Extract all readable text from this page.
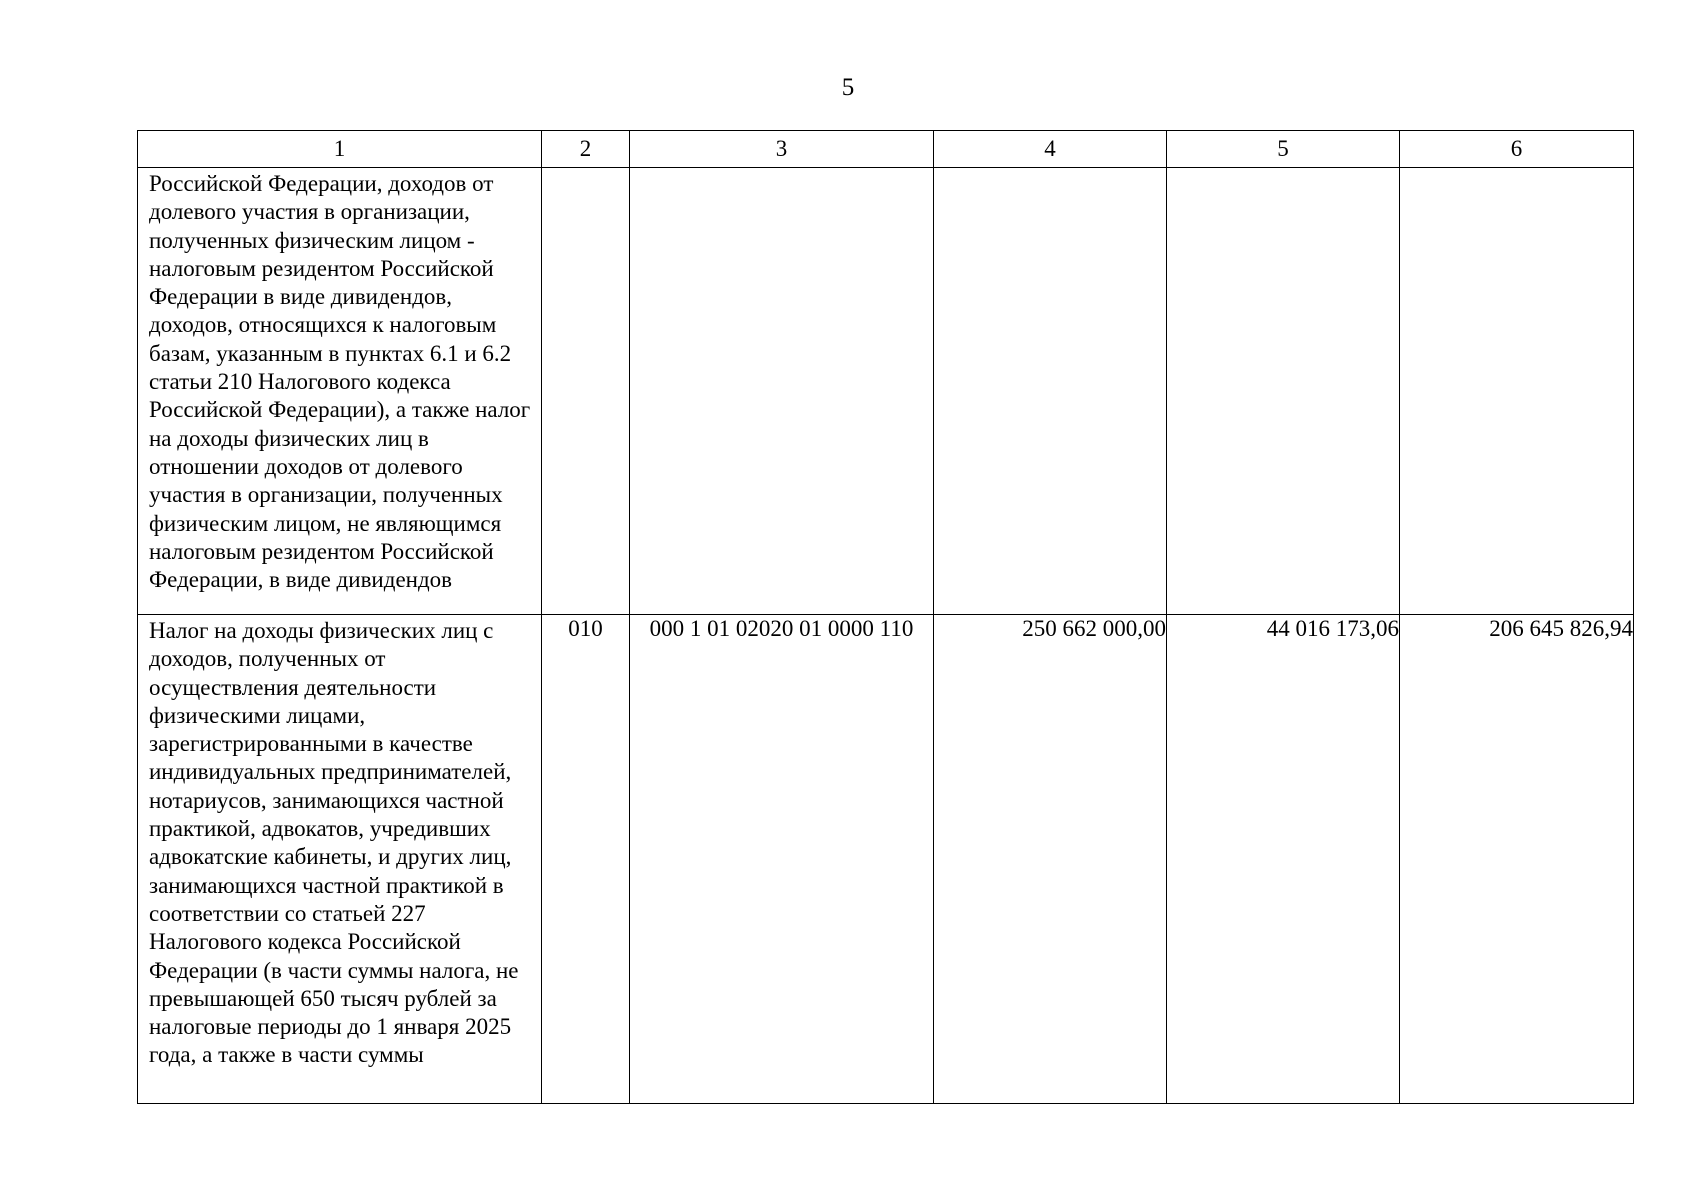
5
1	2	3	4	5	6
Российской Федерации, доходов от долевого участия в организации, полученных физическим лицом - налоговым резидентом Российской Федерации в виде дивидендов, доходов, относящихся к налоговым базам, указанным в пунктах 6.1 и 6.2 статьи 210 Налогового кодекса Российской Федерации), а также налог на доходы физических лиц в отношении доходов от долевого участия в организации, полученных физическим лицом, не являющимся налоговым резидентом Российской Федерации, в виде дивидендов					
Налог на доходы физических лиц с доходов, полученных от осуществления деятельности физическими лицами, зарегистрированными в качестве индивидуальных предпринимателей, нотариусов, занимающихся частной практикой, адвокатов, учредивших адвокатские кабинеты, и других лиц, занимающихся частной практикой в соответствии со статьей 227 Налогового кодекса Российской Федерации (в части суммы налога, не превышающей 650 тысяч рублей за налоговые периоды до 1 января 2025 года, а также в части суммы	010	000 1 01 02020 01 0000 110	250 662 000,00	44 016 173,06	206 645 826,94
